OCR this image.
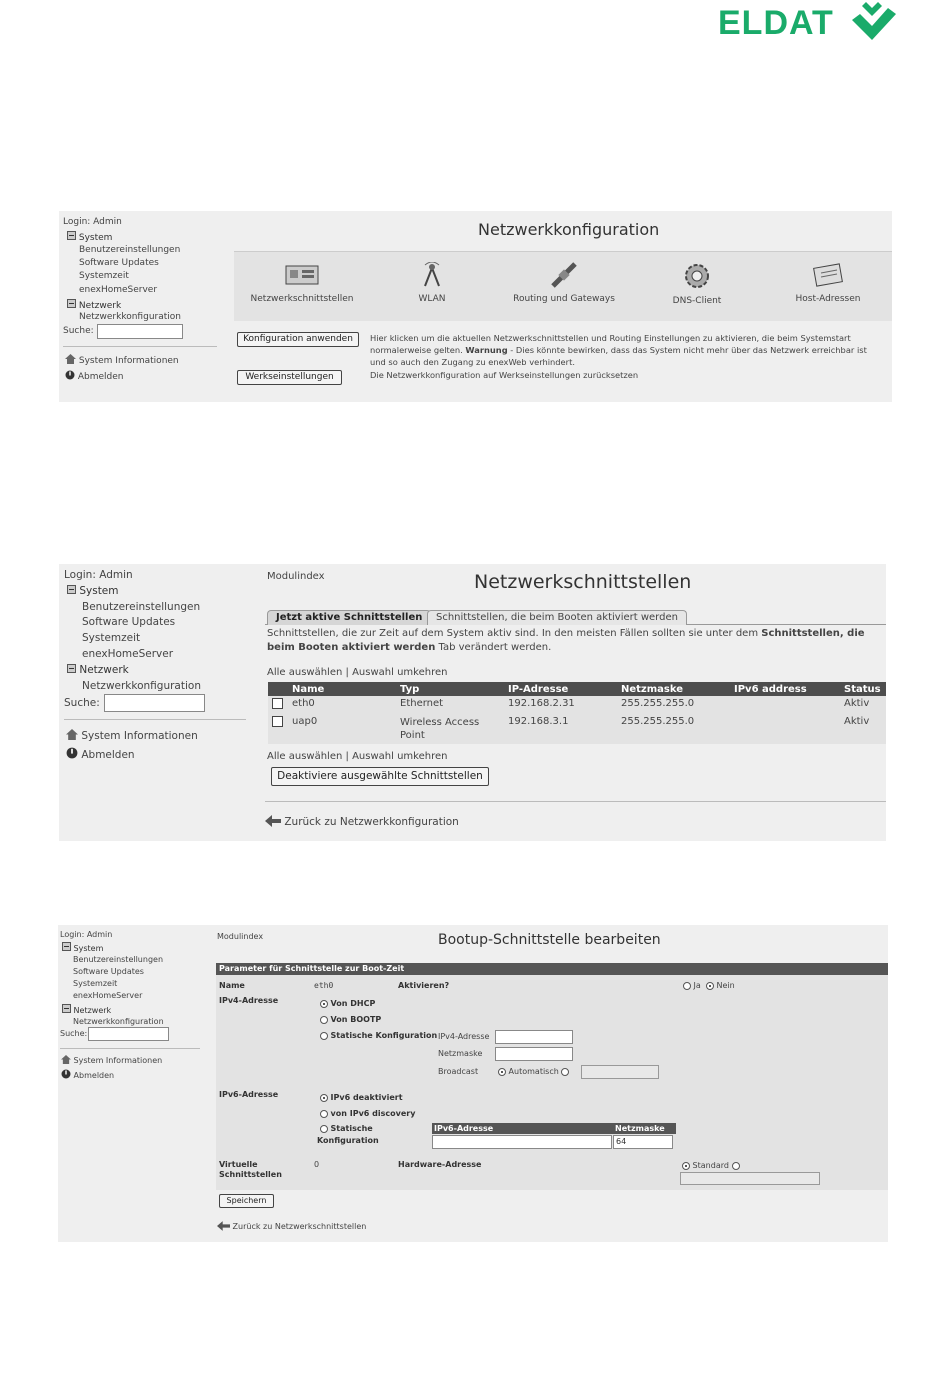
ELDAT
Login: Admin
System
Benutzereinstellungen
Software Updates
Systemzeit
enexHomeServer
Netzwerk
Netzwerkkonfiguration
Suche:
System Informationen
Abmelden
Netzwerkkonfiguration
Netzwerkschnittstellen	WLAN	Routing und Gateways	DNS-Client	Host-Adressen
Konfiguration anwenden	Hier klicken um die aktuellen Netzwerkschnittstellen und Routing Einstellungen zu aktivieren, die beim Systemstart
normalerweise gelten. Warnung - Dies könnte bewirken, dass das System nicht mehr über das Netzwerk erreichbar ist
und so auch den Zugang zu enexWeb verhindert.
Werkseinstellungen	Die Netzwerkkonfiguration auf Werkseinstellungen zurücksetzen
Login: Admin
System
Benutzereinstellungen
Software Updates
Systemzeit
enexHomeServer
Netzwerk
Netzwerkkonfiguration
Suche:
System Informationen
Abmelden
Modulindex	Netzwerkschnittstellen
Jetzt aktive Schnittstellen	Schnittstellen, die beim Booten aktiviert werden
Schnittstellen, die zur Zeit auf dem System aktiv sind. In den meisten Fällen sollten sie unter dem Schnittstellen, die
beim Booten aktiviert werden Tab verändert werden.
Alle auswählen | Auswahl umkehren
	Name	Typ	IP-Adresse	Netzmaske	IPv6 address	Status
	eth0	Ethernet	192.168.2.31	255.255.255.0		Aktiv
	uap0	Wireless Access Point	192.168.3.1	255.255.255.0		Aktiv
Alle auswählen | Auswahl umkehren
Deaktiviere ausgewählte Schnittstellen
Zurück zu Netzwerkkonfiguration
Login: Admin
System
Benutzereinstellungen
Software Updates
Systemzeit
enexHomeServer
Netzwerk
Netzwerkkonfiguration
Suche:
System Informationen
Abmelden
Modulindex	Bootup-Schnittstelle bearbeiten
Parameter für Schnittstelle zur Boot-Zeit
Name	eth0	Aktivieren?	Ja Nein
IPv4-Adresse	Von DHCP
Von BOOTP
Statische Konfiguration IPv4-Adresse
Netzmaske
Broadcast	Automatisch
IPv6-Adresse	IPv6 deaktiviert
von IPv6 discovery
Statische
Konfiguration
IPv6-Adresse	Netzmaske

	64
Virtuelle
Schnittstellen
0	Hardware-Adresse	Standard
Speichern
Zurück zu Netzwerkschnittstellen
